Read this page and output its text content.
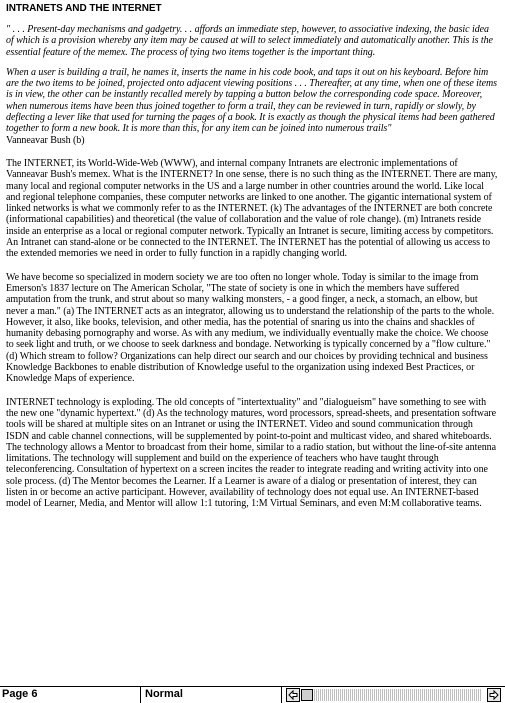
INTRANETS AND THE INTERNET

" . . . Present-day mechanisms and gadgetry. . . affords an immediate step, however, to associative indexing, the basic idea of which is a provision whereby any item may be caused at will to select immediately and automatically another. This is the essential feature of the memex. The process of tying two items together is the important thing.

When a user is building a trail, he names it, inserts the name in his code book, and taps it out on his keyboard. Before him are the two items to be joined, projected onto adjacent viewing positions . . . Thereafter, at any time, when one of these items is in view, the other can be instantly recalled merely by tapping a button below the corresponding code space. Moreover, when numerous items have been thus joined together to form a trail, they can be reviewed in turn, rapidly or slowly, by deflecting a lever like that used for turning the pages of a book. It is exactly as though the physical items had been gathered together to form a new book. It is more than this, for any item can be joined into numerous trails"

Vanneavar Bush (b)

The INTERNET, its World-Wide-Web (WWW), and internal company Intranets are electronic implementations of Vanneavar Bush's memex. What is the INTERNET? In one sense, there is no such thing as the INTERNET. There are many, many local and regional computer networks in the US and a large number in other countries around the world. Like local and regional telephone companies, these computer networks are linked to one another. The gigantic international system of linked networks is what we commonly refer to as the INTERNET. (k) The advantages of the INTERNET are both concrete (informational capabilities) and theoretical (the value of collaboration and the value of role change). (m) Intranets reside inside an enterprise as a local or regional computer network. Typically an Intranet is secure, limiting access by competitors. An Intranet can stand-alone or be connected to the INTERNET. The INTERNET has the potential of allowing us access to the extended memories we need in order to fully function in a rapidly changing world.

We have become so specialized in modern society we are too often no longer whole. Today is similar to the image from Emerson's 1837 lecture on The American Scholar, "The state of society is one in which the members have suffered amputation from the trunk, and strut about so many walking monsters, - a good finger, a neck, a stomach, an elbow, but never a man." (a) The INTERNET acts as an integrator, allowing us to understand the relationship of the parts to the whole. However, it also, like books, television, and other media, has the potential of snaring us into the chains and shackles of humanity debasing pornography and worse. As with any medium, we individually eventually make the choice. We choose to seek light and truth, or we choose to seek darkness and bondage. Networking is typically concerned by a "flow culture." (d) Which stream to follow? Organizations can help direct our search and our choices by providing technical and business Knowledge Backbones to enable distribution of Knowledge useful to the organization using indexed Best Practices, or Knowledge Maps of experience.

INTERNET technology is exploding. The old concepts of "intertextuality" and "dialogueism" have something to see with the new one "dynamic hypertext." (d) As the technology matures, word processors, spread-sheets, and presentation software tools will be shared at multiple sites on an Intranet or using the INTERNET. Video and sound communication through ISDN and cable channel connections, will be supplemented by point-to-point and multicast video, and shared whiteboards. The technology allows a Mentor to broadcast from their home, similar to a radio station, but without the line-of-site antenna limitations. The technology will supplement and build on the experience of teachers who have taught through teleconferencing. Consultation of hypertext on a screen incites the reader to integrate reading and writing activity into one sole process. (d) The Mentor becomes the Learner. If a Learner is aware of a dialog or presentation of interest, they can listen in or become an active participant. However, availability of technology does not equal use. An INTERNET-based model of Learner, Media, and Mentor will allow 1:1 tutoring, 1:M Virtual Seminars, and even M:M collaborative teams.

Page 6	Normal
